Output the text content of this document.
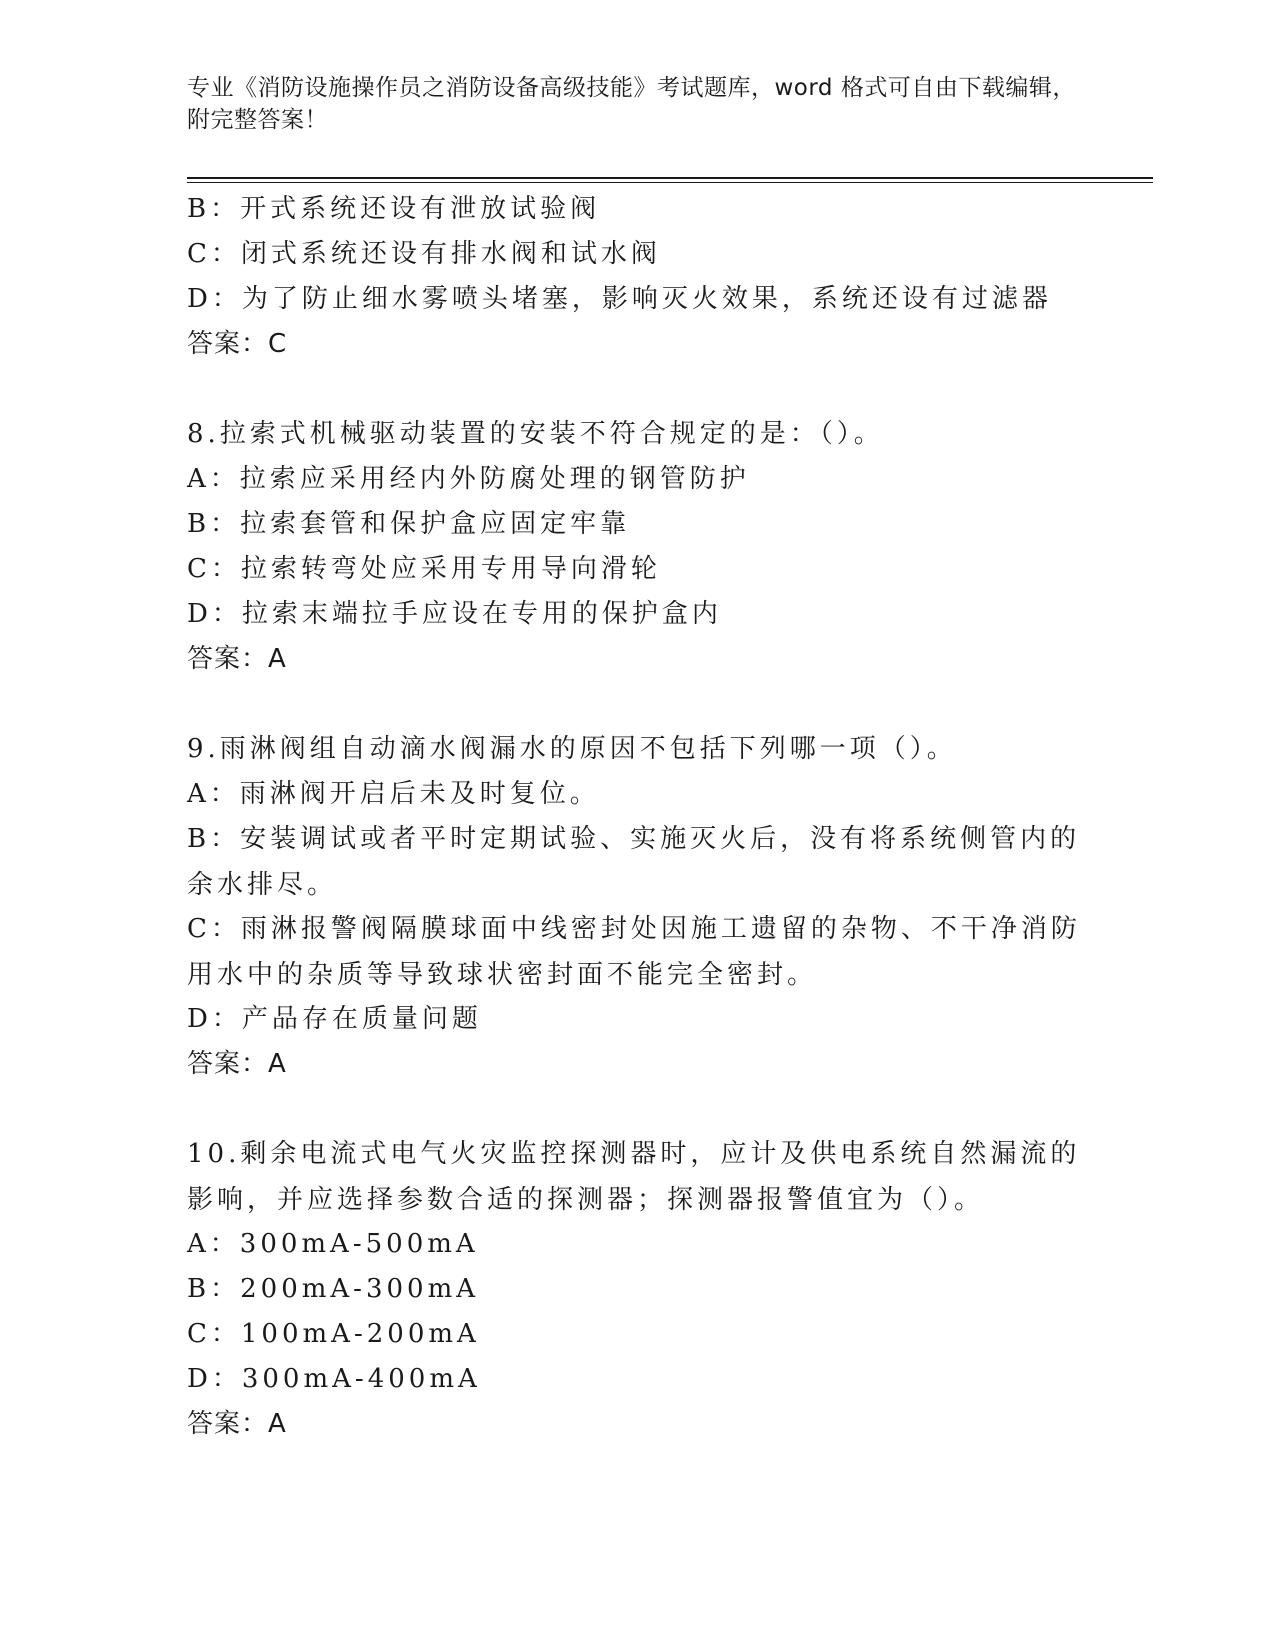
专业《消防设施操作员之消防设备高级技能》考试题库，word 格式可自由下载编辑，附完整答案！
B：开式系统还设有泄放试验阀
C：闭式系统还设有排水阀和试水阀
D：为了防止细水雾喷头堵塞，影响灭火效果，系统还设有过滤器
答案：C
8.拉索式机械驱动装置的安装不符合规定的是：（）。
A：拉索应采用经内外防腐处理的钢管防护
B：拉索套管和保护盒应固定牢靠
C：拉索转弯处应采用专用导向滑轮
D：拉索末端拉手应设在专用的保护盒内
答案：A
9.雨淋阀组自动滴水阀漏水的原因不包括下列哪一项（）。
A：雨淋阀开启后未及时复位。
B：安装调试或者平时定期试验、实施灭火后，没有将系统侧管内的余水排尽。
C：雨淋报警阀隔膜球面中线密封处因施工遗留的杂物、不干净消防用水中的杂质等导致球状密封面不能完全密封。
D：产品存在质量问题
答案：A
10.剩余电流式电气火灾监控探测器时，应计及供电系统自然漏流的影响，并应选择参数合适的探测器；探测器报警值宜为（）。
A：300mA-500mA
B：200mA-300mA
C：100mA-200mA
D：300mA-400mA
答案：A
